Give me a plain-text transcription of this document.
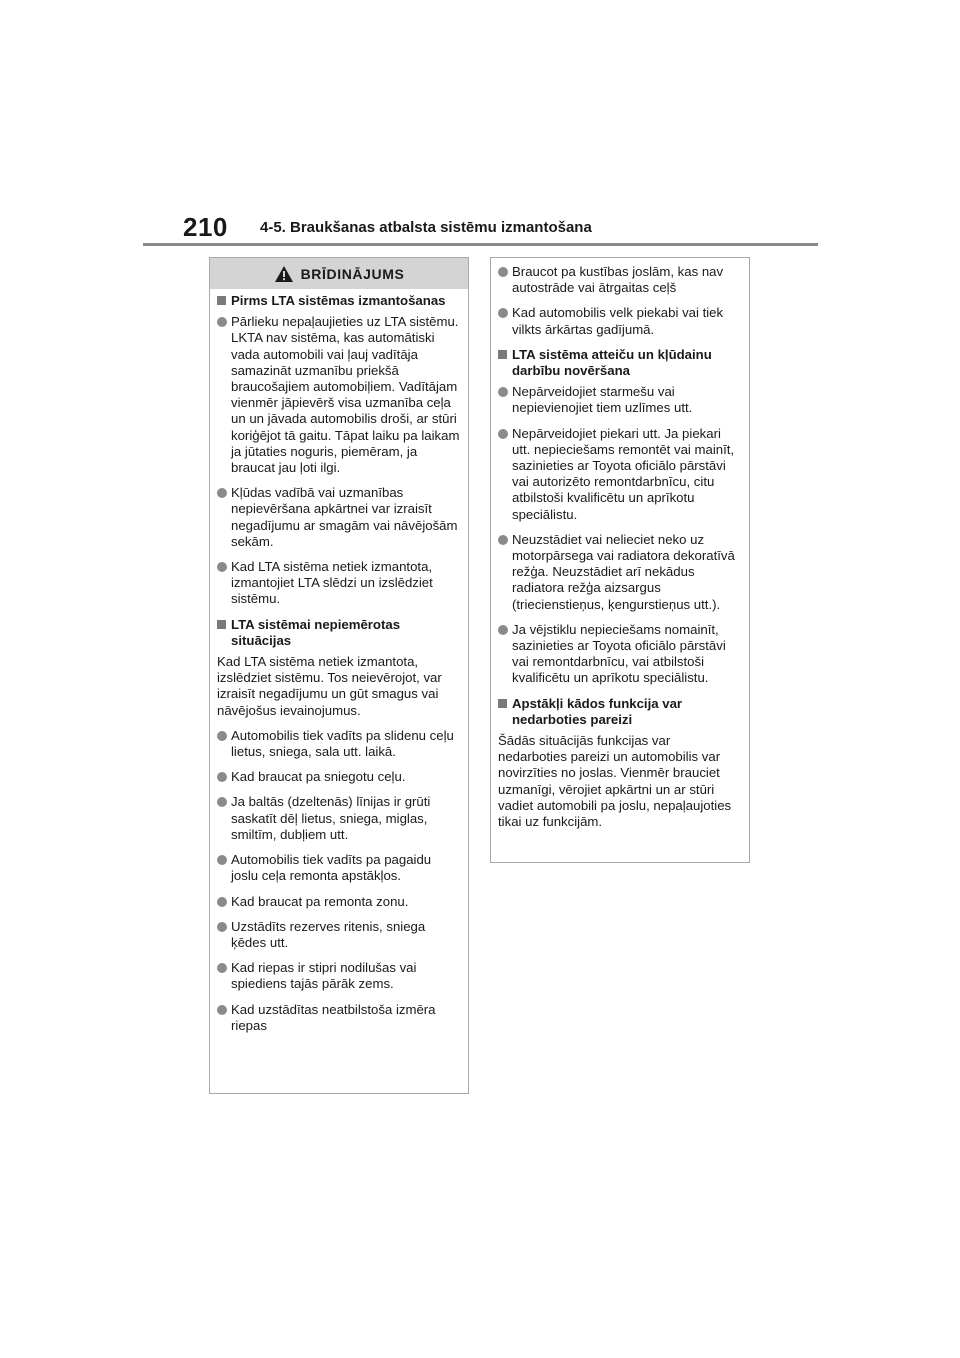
210 4-5. Braukšanas atbalsta sistēmu izmantošana
BRĪDINĀJUMS
Pirms LTA sistēmas izmantošanas
Pārlieku nepaļaujieties uz LTA sistēmu. LKTA nav sistēma, kas automātiski vada automobili vai ļauj vadītāja samazināt uzmanību priekšā braucošajiem automobiļiem. Vadītājam vienmēr jāpievērš visa uzmanība ceļa un un jāvada automobilis droši, ar stūri koriģējot tā gaitu. Tāpat laiku pa laikam ja jūtaties noguris, piemēram, ja braucat jau ļoti ilgi.
Kļūdas vadībā vai uzmanības nepievēršana apkārtnei var izraisīt negadījumu ar smagām vai nāvējošām sekām.
Kad LTA sistēma netiek izmantota, izmantojiet LTA slēdzi un izslēdziet sistēmu.
LTA sistēmai nepiemērotas situācijas
Kad LTA sistēma netiek izmantota, izslēdziet sistēmu. Tos neievērojot, var izraisīt negadījumu un gūt smagus vai nāvējošus ievainojumus.
Automobilis tiek vadīts pa slidenu ceļu lietus, sniega, sala utt. laikā.
Kad braucat pa sniegotu ceļu.
Ja baltās (dzeltenās) līnijas ir grūti saskatīt dēļ lietus, sniega, miglas, smiltīm, dubļiem utt.
Automobilis tiek vadīts pa pagaidu joslu ceļa remonta apstākļos.
Kad braucat pa remonta zonu.
Uzstādīts rezerves ritenis, sniega ķēdes utt.
Kad riepas ir stipri nodilušas vai spiediens tajās pārāk zems.
Kad uzstādītas neatbilstoša izmēra riepas
Braucot pa kustības joslām, kas nav autostrāde vai ātrgaitas ceļš
Kad automobilis velk piekabi vai tiek vilkts ārkārtas gadījumā.
LTA sistēma atteiču un kļūdainu darbību novēršana
Nepārveidojiet starmešu vai nepievienojiet tiem uzlīmes utt.
Nepārveidojiet piekari utt. Ja piekari utt. nepieciešams remontēt vai mainīt, sazinieties ar Toyota oficiālo pārstāvi vai autorizēto remontdarbnīcu, citu atbilstoši kvalificētu un aprīkotu speciālistu.
Neuzstādiet vai nelieciet neko uz motorpārsega vai radiatora dekoratīvā režģa. Neuzstādiet arī nekādus radiatora režģa aizsargus (triecienstieņus, ķengurstieņus utt.).
Ja vējstiklu nepieciešams nomainīt, sazinieties ar Toyota oficiālo pārstāvi vai remontdarbnīcu, vai atbilstoši kvalificētu un aprīkotu speciālistu.
Apstākļi kādos funkcija var nedarboties pareizi
Šādās situācijās funkcijas var nedarboties pareizi un automobilis var novirzīties no joslas. Vienmēr brauciet uzmanīgi, vērojiet apkārtni un ar stūri vadiet automobili pa joslu, nepaļaujoties tikai uz funkcijām.
